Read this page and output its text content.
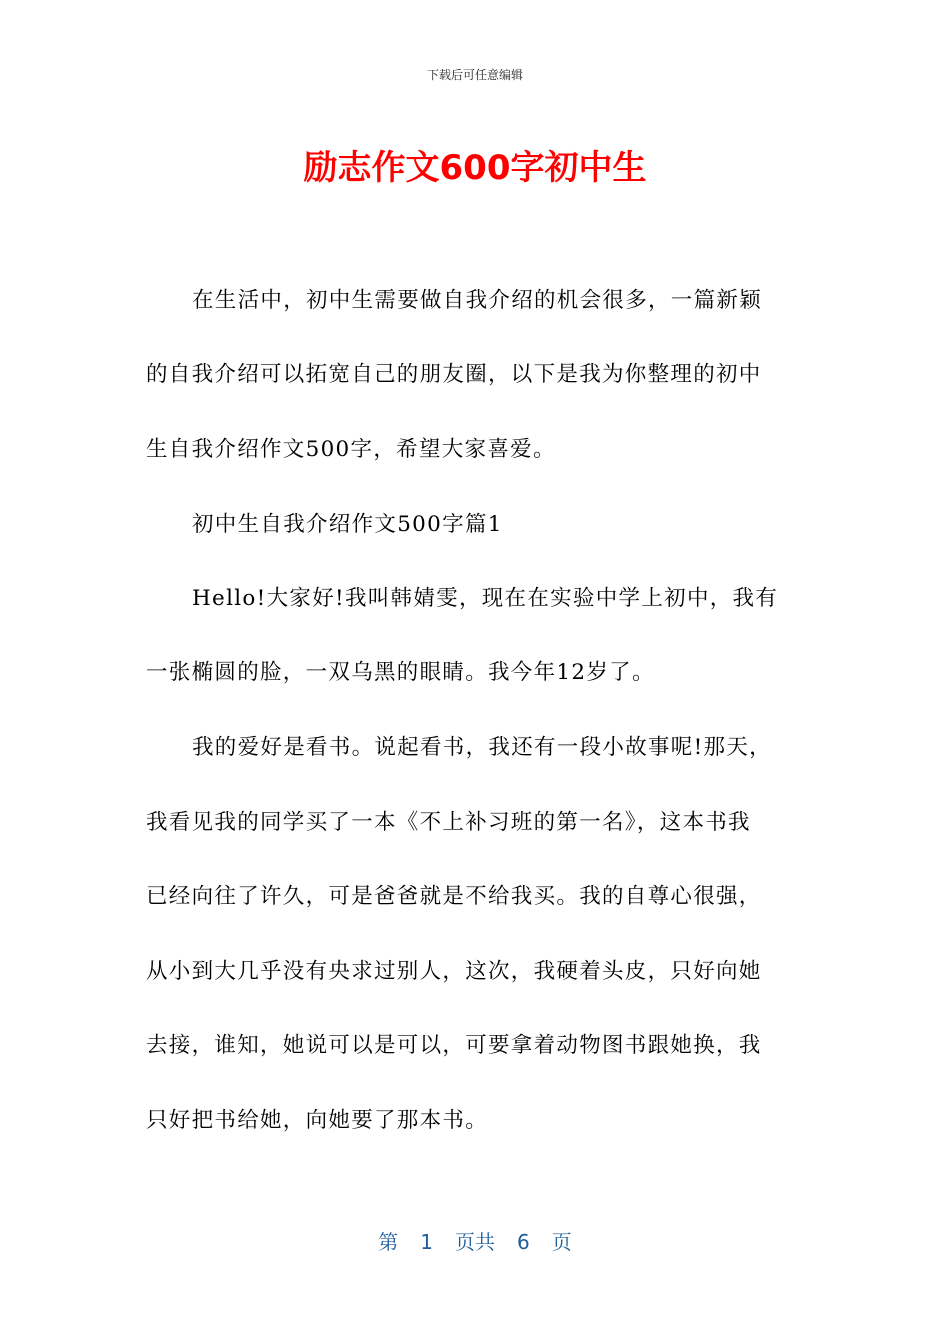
下载后可任意编辑
励志作文600字初中生
在生活中，初中生需要做自我介绍的机会很多，一篇新颖
的自我介绍可以拓宽自己的朋友圈，以下是我为你整理的初中
生自我介绍作文500字，希望大家喜爱。
初中生自我介绍作文500字篇1
Hello!大家好!我叫韩婧雯，现在在实验中学上初中，我有
一张椭圆的脸，一双乌黑的眼睛。我今年12岁了。
我的爱好是看书。说起看书，我还有一段小故事呢!那天，
我看见我的同学买了一本《不上补习班的第一名》，这本书我
已经向往了许久，可是爸爸就是不给我买。我的自尊心很强，
从小到大几乎没有央求过别人，这次，我硬着头皮，只好向她
去接，谁知，她说可以是可以，可要拿着动物图书跟她换，我
只好把书给她，向她要了那本书。
第 1 页共 6 页
